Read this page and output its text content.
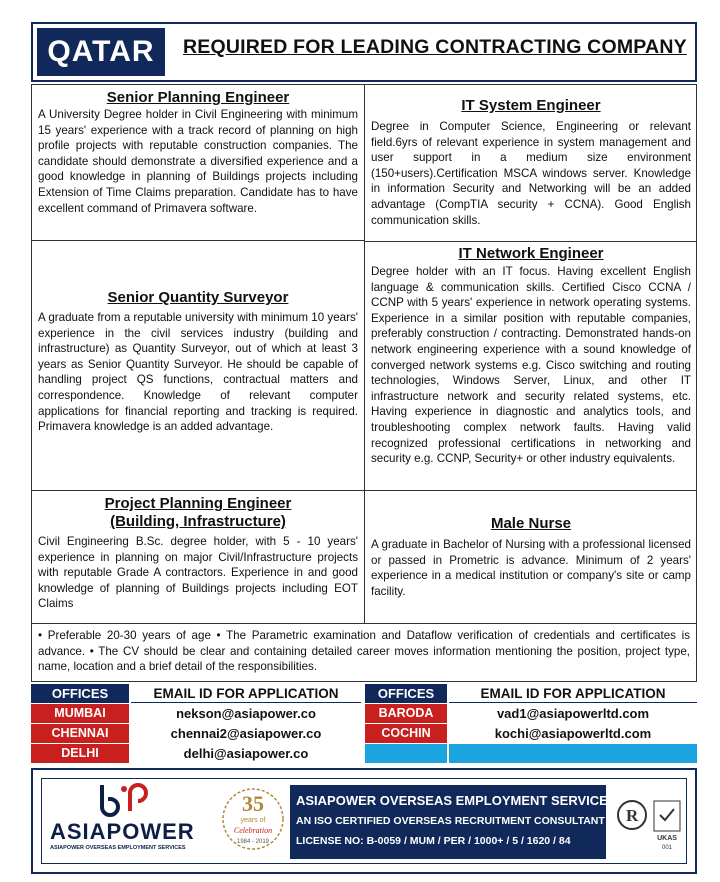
QATAR	REQUIRED FOR LEADING CONTRACTING COMPANY

Senior Planning Engineer

A University Degree holder in Civil Engineering with minimum 15 years' experience with a track record of planning on high profile projects with reputable construction companies. The candidate should demonstrate a diversified experience and a good knowledge in planning of Buildings projects including Extension of Time Claims preparation. Candidate has to have excellent command of Primavera software.

IT System Engineer

Degree in Computer Science, Engineering or relevant field.6yrs of relevant experience in system management and user support in a medium size environment (150+users).Certification MSCA windows server. Knowledge in information Security and Networking will be an added advantage (CompTIA security + CCNA). Good English communication skills.

Senior Quantity Surveyor

A graduate from a reputable university with minimum 10 years' experience in the civil services industry (building and infrastructure) as Quantity Surveyor, out of which at least 3 years as Senior Quantity Surveyor. He should be capable of handling project QS functions, contractual matters and correspondence. Knowledge of relevant computer applications for financial reporting and tracking is required. Primavera knowledge is an added advantage.

IT Network Engineer

Degree holder with an IT focus. Having excellent English language & communication skills. Certified Cisco CCNA / CCNP with 5 years' experience in network operating systems. Experience in a similar position with reputable companies, preferably construction / contracting. Demonstrated hands-on network engineering experience with a sound knowledge of converged network systems e.g. Cisco switching and routing technologies, Windows Server, Linux, and other IT infrastructure network and security related systems, etc. Having experience in diagnostic and analytics tools, and troubleshooting complex network faults. Having valid recognized professional certifications in networking and security e.g. CCNP, Security+ or other industry equivalents.

Project Planning Engineer

(Building, Infrastructure)

Civil Engineering B.Sc. degree holder, with 5 - 10 years' experience in planning on major Civil/Infrastructure projects with reputable Grade A contractors. Experience in and good knowledge of planning of Buildings projects including EOT Claims

Male Nurse

A graduate in Bachelor of Nursing with a professional licensed or passed in Prometric is advance. Minimum of 2 years' experience in a medical institution or company's site or camp facility.

• Preferable 20-30 years of age • The Parametric examination and Dataflow verification of credentials and certificates is advance. • The CV should be clear and containing detailed career moves information mentioning the position, project type, name, location and a brief detail of the responsibilities.
OFFICES
MUMBAI
CHENNAI
DELHI
EMAIL ID FOR APPLICATION
nekson@asiapower.co
chennai2@asiapower.co
delhi@asiapower.co
OFFICES
BARODA
COCHIN
EMAIL ID FOR APPLICATION
vad1@asiapowerltd.com
kochi@asiapowerltd.com
ASIAPOWER
ASIAPOWER OVERSEAS EMPLOYMENT SERVICES
35
years of
Celebration
1984 - 2019
ASIAPOWER OVERSEAS EMPLOYMENT SERVICES
AN ISO CERTIFIED OVERSEAS RECRUITMENT CONSULTANT
LICENSE NO: B-0059 / MUM / PER / 1000+ / 5 / 1620 / 84
R
UKAS
001
